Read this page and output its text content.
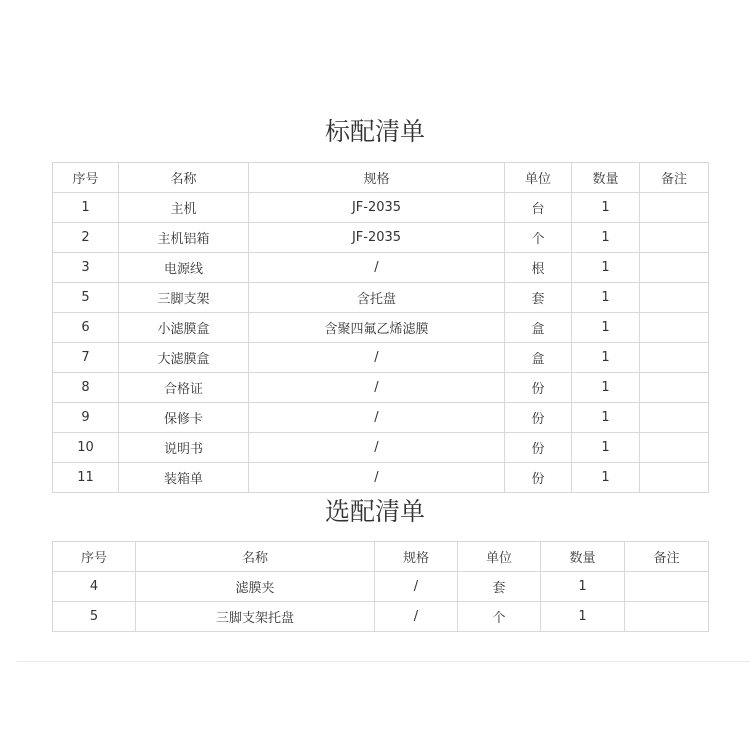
标配清单
序号	名称	规格	单位	数量	备注
1	主机	JF-2035	台	1	
2	主机铝箱	JF-2035	个	1	
3	电源线	/	根	1	
5	三脚支架	含托盘	套	1	
6	小滤膜盒	含聚四氟乙烯滤膜	盒	1	
7	大滤膜盒	/	盒	1	
8	合格证	/	份	1	
9	保修卡	/	份	1	
10	说明书	/	份	1	
11	装箱单	/	份	1	
选配清单
序号	名称	规格	单位	数量	备注
4	滤膜夹	/	套	1	
5	三脚支架托盘	/	个	1	
